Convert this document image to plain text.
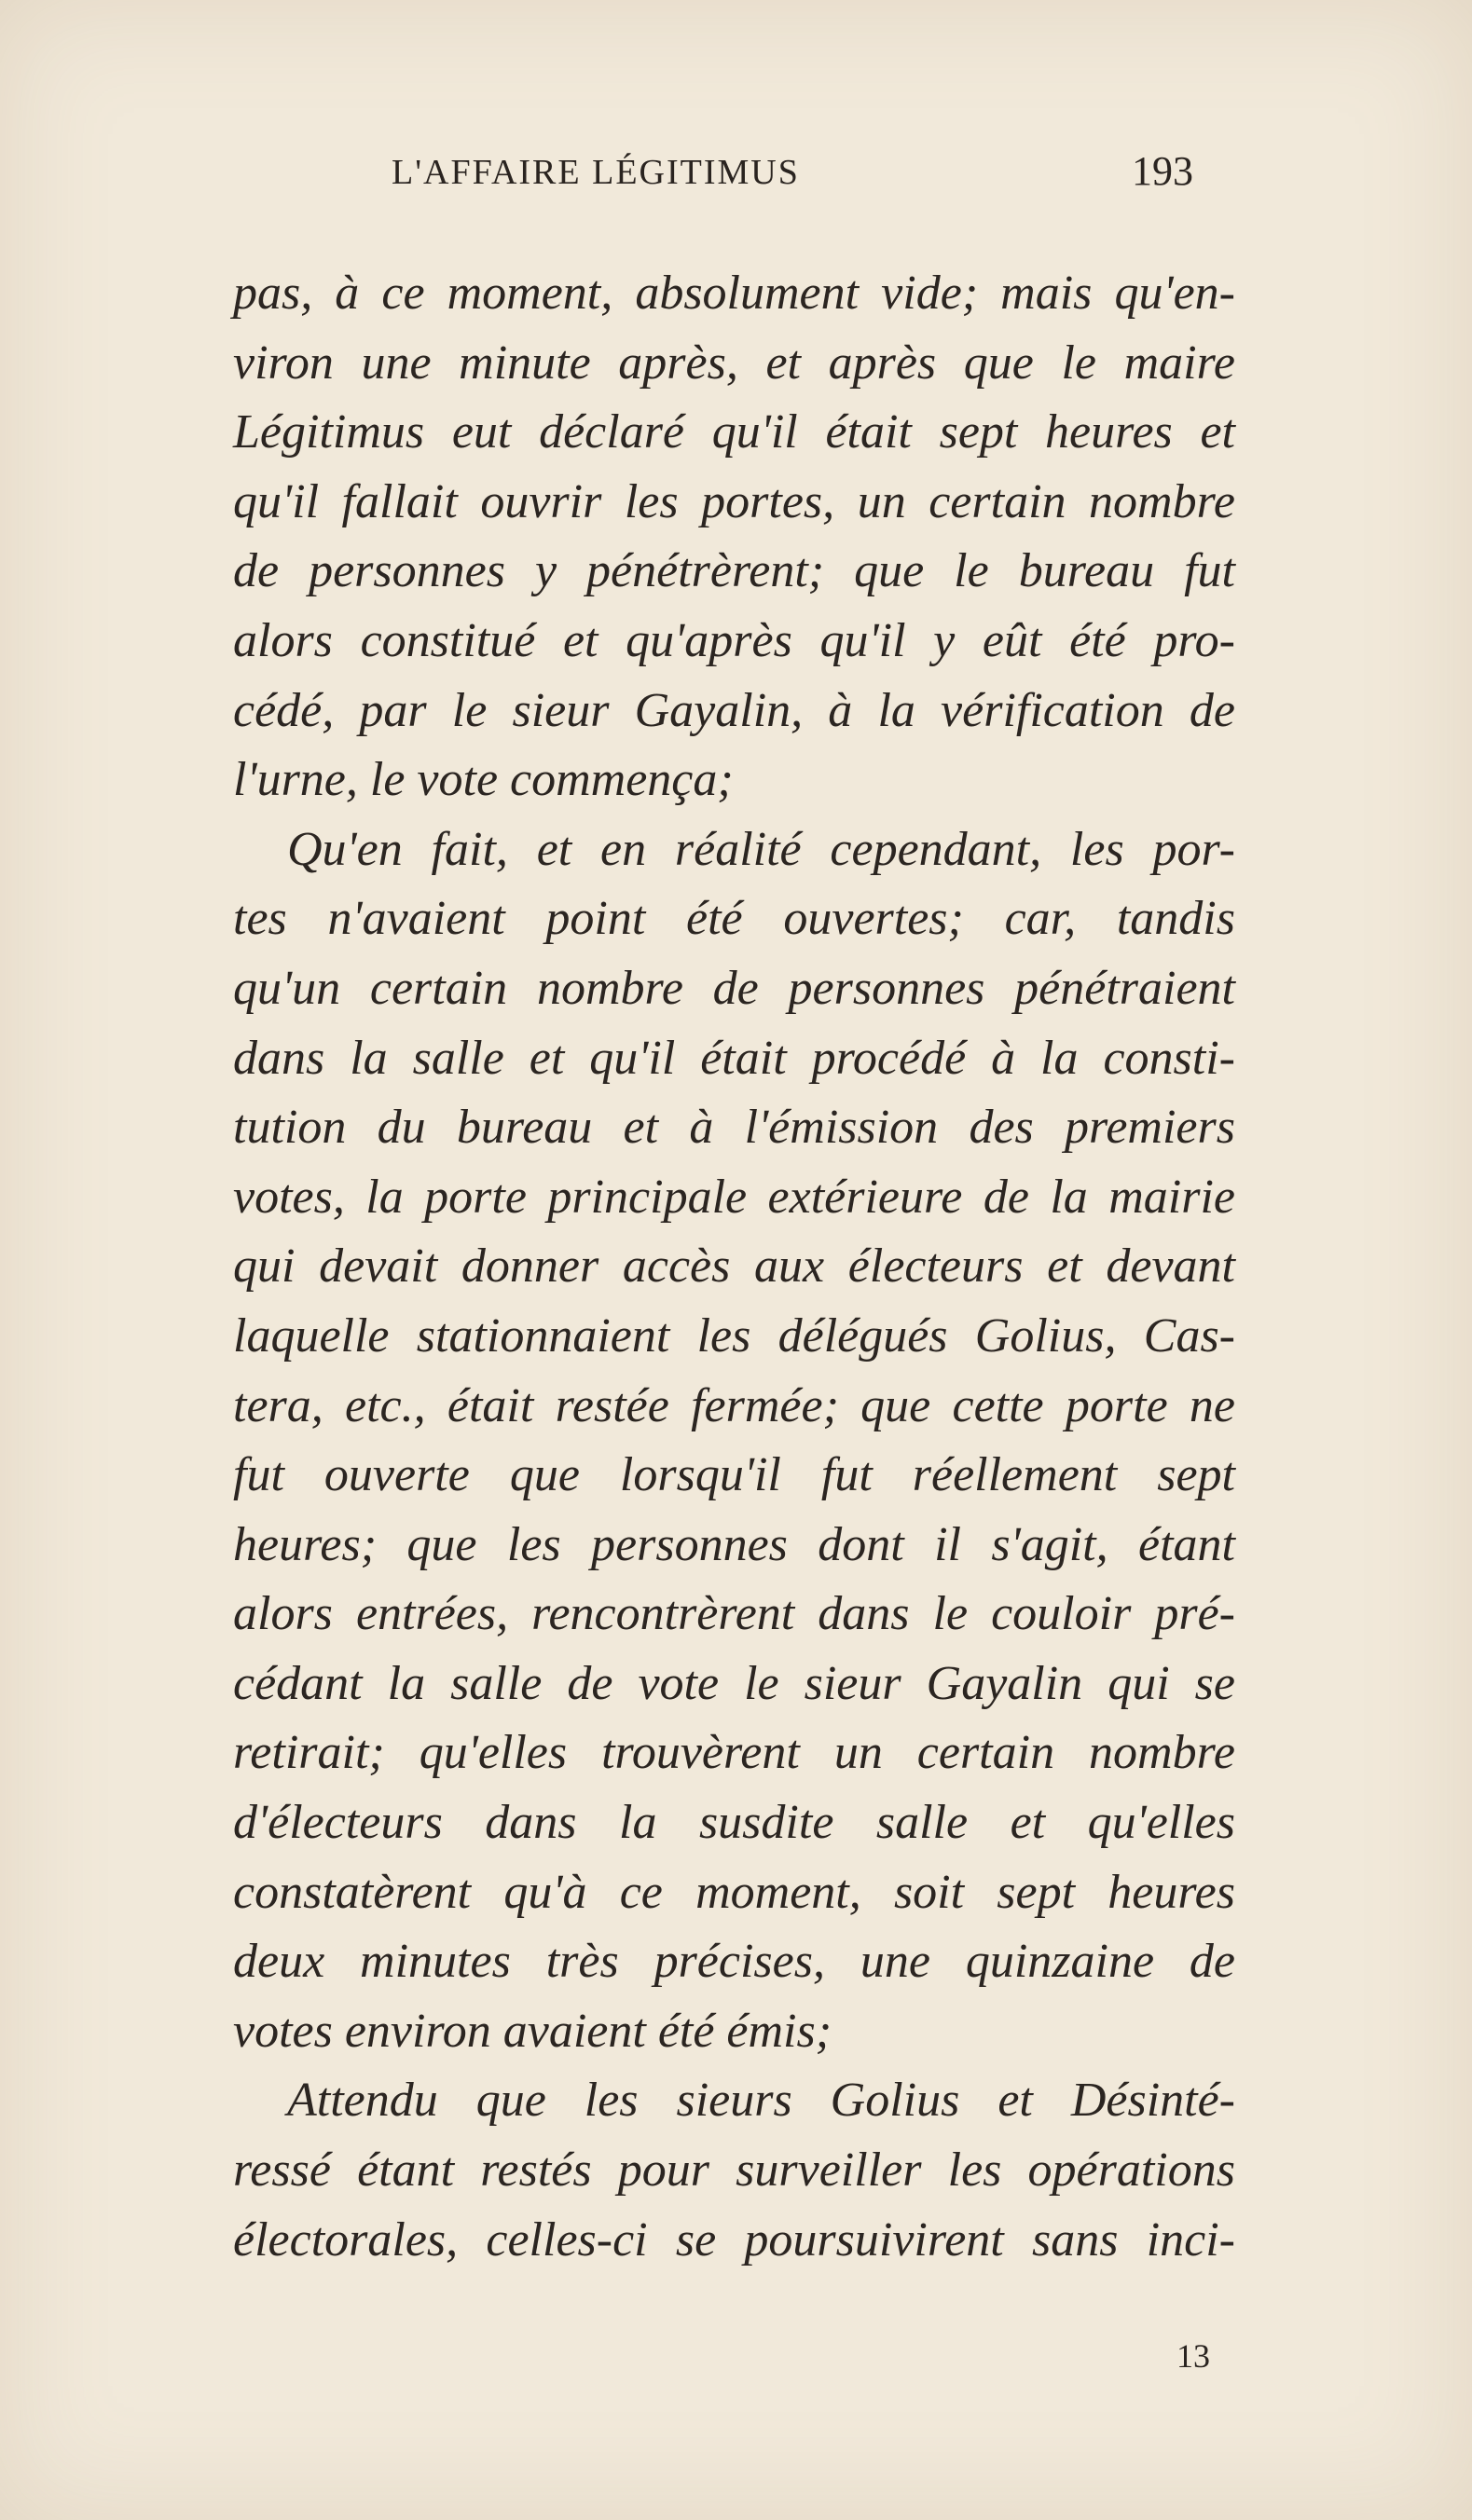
L'AFFAIRE LÉGITIMUS	193
pas, à ce moment, absolument vide; mais qu'en-
viron une minute après, et après que le maire
Légitimus eut déclaré qu'il était sept heures et
qu'il fallait ouvrir les portes, un certain nombre
de personnes y pénétrèrent; que le bureau fut
alors constitué et qu'après qu'il y eût été pro-
cédé, par le sieur Gayalin, à la vérification de
l'urne, le vote commença;
Qu'en fait, et en réalité cependant, les por-
tes n'avaient point été ouvertes; car, tandis
qu'un certain nombre de personnes pénétraient
dans la salle et qu'il était procédé à la consti-
tution du bureau et à l'émission des premiers
votes, la porte principale extérieure de la mairie
qui devait donner accès aux électeurs et devant
laquelle stationnaient les délégués Golius, Cas-
tera, etc., était restée fermée; que cette porte ne
fut ouverte que lorsqu'il fut réellement sept
heures; que les personnes dont il s'agit, étant
alors entrées, rencontrèrent dans le couloir pré-
cédant la salle de vote le sieur Gayalin qui se
retirait; qu'elles trouvèrent un certain nombre
d'électeurs dans la susdite salle et qu'elles
constatèrent qu'à ce moment, soit sept heures
deux minutes très précises, une quinzaine de
votes environ avaient été émis;
Attendu que les sieurs Golius et Désinté-
ressé étant restés pour surveiller les opérations
électorales, celles-ci se poursuivirent sans inci-
13
